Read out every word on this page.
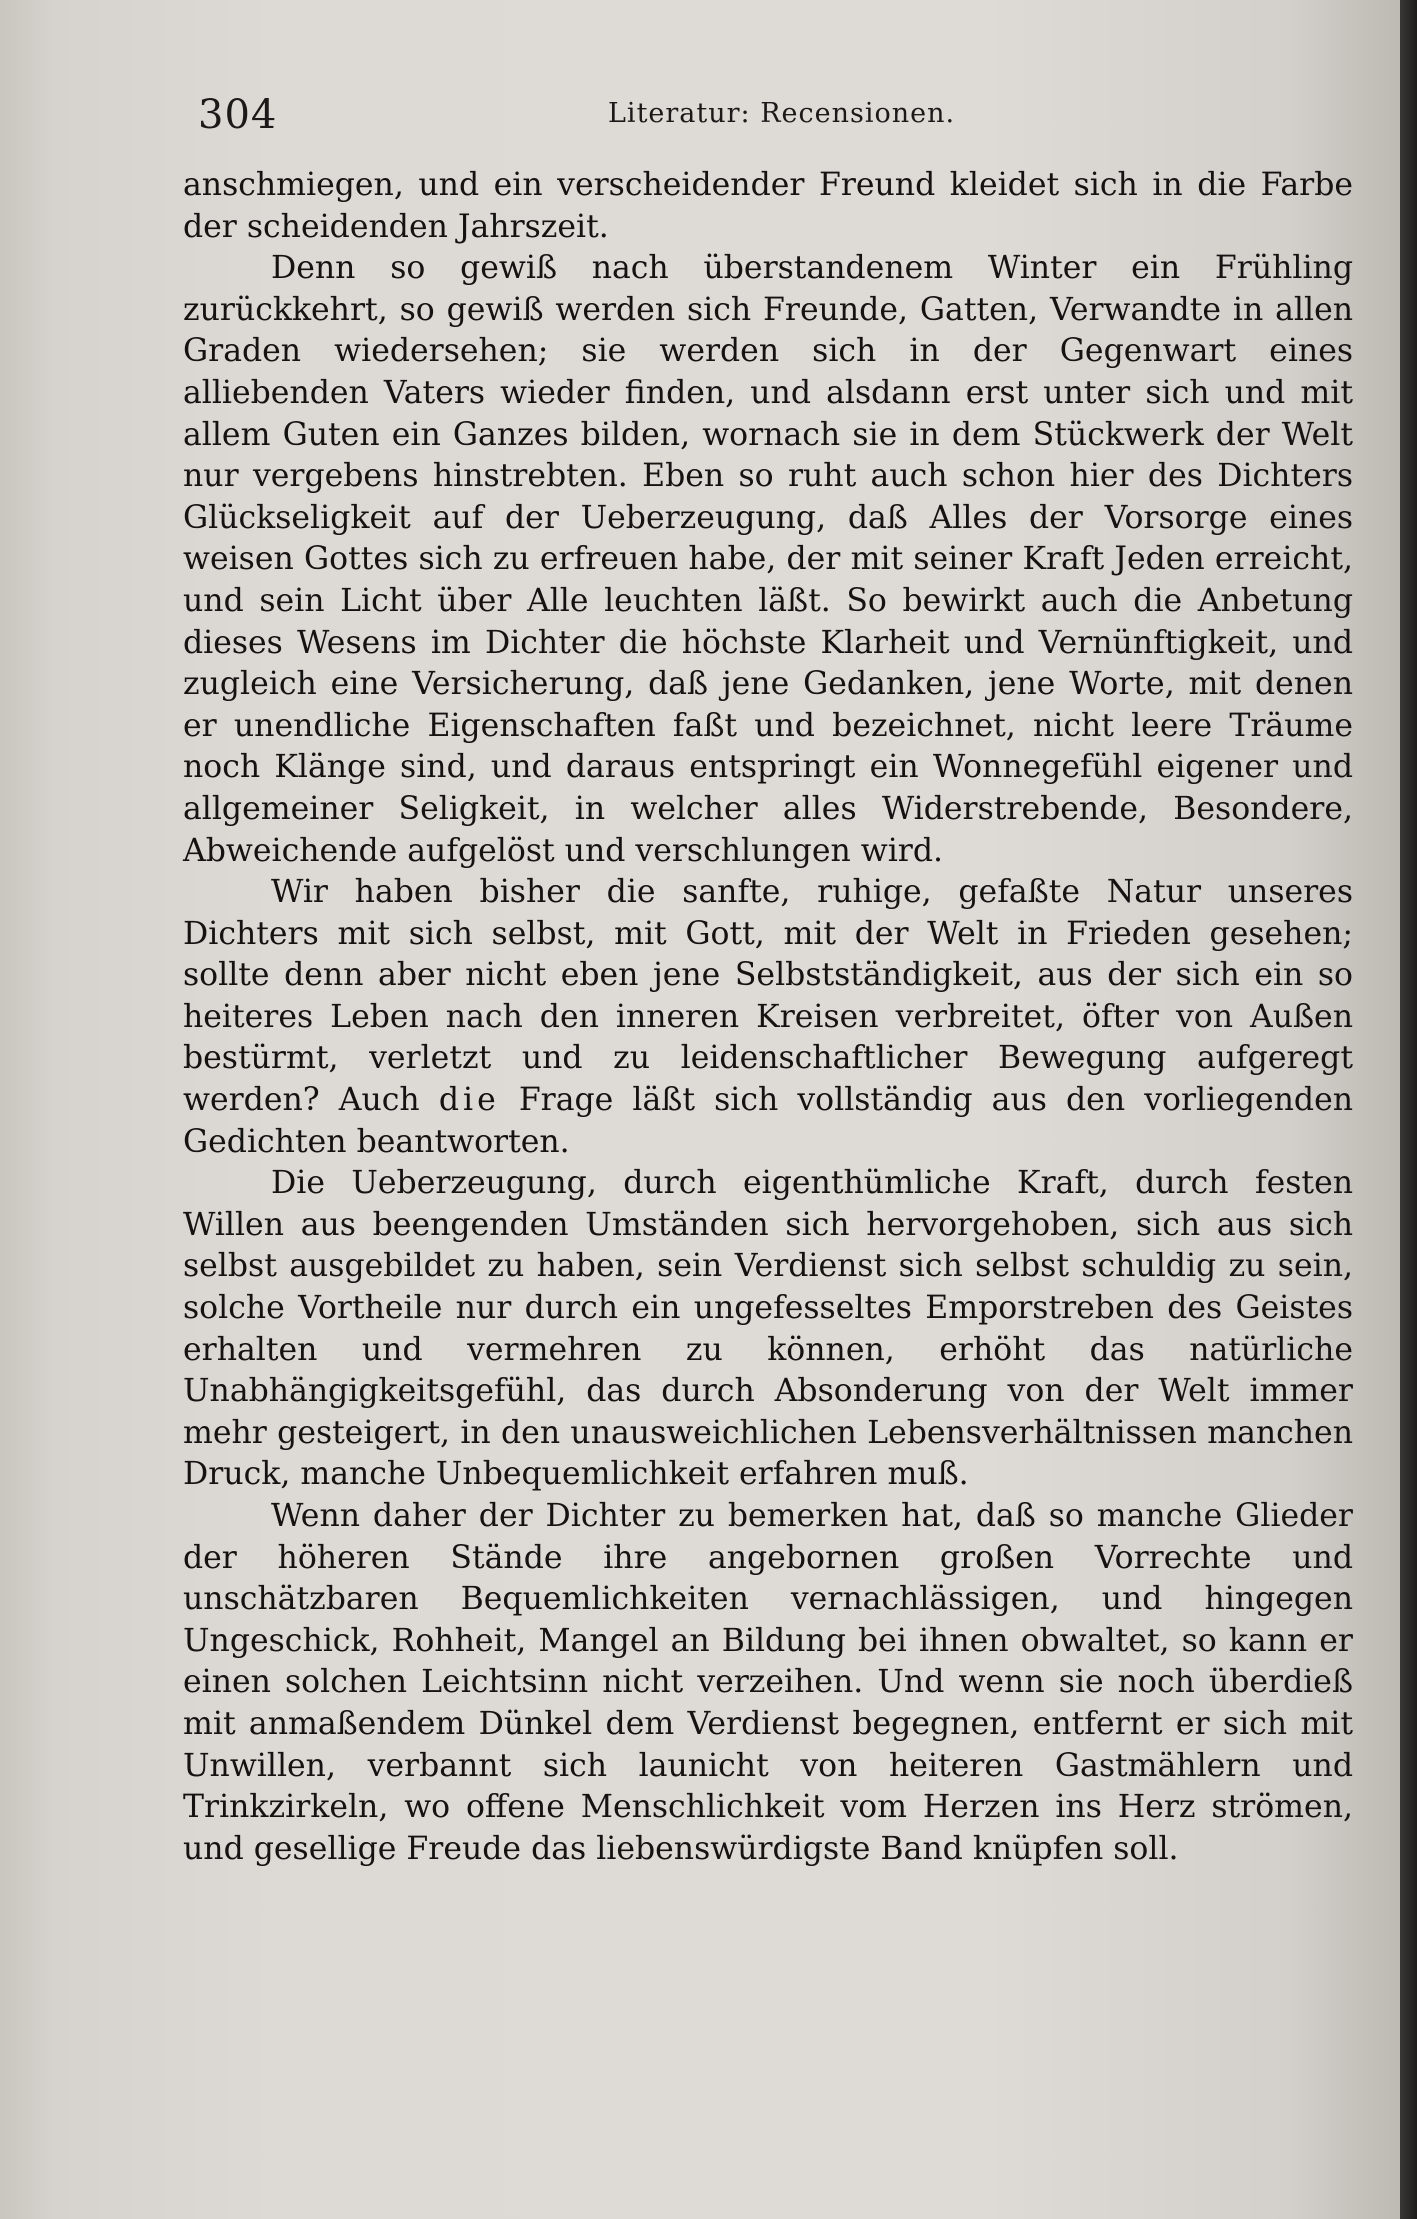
304	Literatur: Recensionen.

anschmiegen, und ein verscheidender Freund kleidet sich in die Farbe der scheidenden Jahrszeit.

Denn so gewiß nach überstandenem Winter ein Frühling zurückkehrt, so gewiß werden sich Freunde, Gatten, Verwandte in allen Graden wiedersehen; sie werden sich in der Gegenwart eines alliebenden Vaters wieder finden, und alsdann erst unter sich und mit allem Guten ein Ganzes bilden, wornach sie in dem Stückwerk der Welt nur vergebens hinstrebten. Eben so ruht auch schon hier des Dichters Glückseligkeit auf der Ueberzeugung, daß Alles der Vorsorge eines weisen Gottes sich zu erfreuen habe, der mit seiner Kraft Jeden erreicht, und sein Licht über Alle leuchten läßt. So bewirkt auch die Anbetung dieses Wesens im Dichter die höchste Klarheit und Vernünftigkeit, und zugleich eine Versicherung, daß jene Gedanken, jene Worte, mit denen er unendliche Eigenschaften faßt und bezeichnet, nicht leere Träume noch Klänge sind, und daraus entspringt ein Wonnegefühl eigener und allgemeiner Seligkeit, in welcher alles Widerstrebende, Besondere, Abweichende aufgelöst und verschlungen wird.

Wir haben bisher die sanfte, ruhige, gefaßte Natur unseres Dichters mit sich selbst, mit Gott, mit der Welt in Frieden gesehen; sollte denn aber nicht eben jene Selbstständigkeit, aus der sich ein so heiteres Leben nach den inneren Kreisen verbreitet, öfter von Außen bestürmt, verletzt und zu leidenschaftlicher Bewegung aufgeregt werden? Auch die Frage läßt sich vollständig aus den vorliegenden Gedichten beantworten.

Die Ueberzeugung, durch eigenthümliche Kraft, durch festen Willen aus beengenden Umständen sich hervorgehoben, sich aus sich selbst ausgebildet zu haben, sein Verdienst sich selbst schuldig zu sein, solche Vortheile nur durch ein ungefesseltes Emporstreben des Geistes erhalten und vermehren zu können, erhöht das natürliche Unabhängigkeitsgefühl, das durch Absonderung von der Welt immer mehr gesteigert, in den unausweichlichen Lebensverhältnissen manchen Druck, manche Unbequemlichkeit erfahren muß.

Wenn daher der Dichter zu bemerken hat, daß so manche Glieder der höheren Stände ihre angebornen großen Vorrechte und unschätzbaren Bequemlichkeiten vernachlässigen, und hingegen Ungeschick, Rohheit, Mangel an Bildung bei ihnen obwaltet, so kann er einen solchen Leichtsinn nicht verzeihen. Und wenn sie noch überdieß mit anmaßendem Dünkel dem Verdienst begegnen, entfernt er sich mit Unwillen, verbannt sich launicht von heiteren Gastmählern und Trinkzirkeln, wo offene Menschlichkeit vom Herzen ins Herz strömen, und gesellige Freude das liebenswürdigste Band knüpfen soll.
